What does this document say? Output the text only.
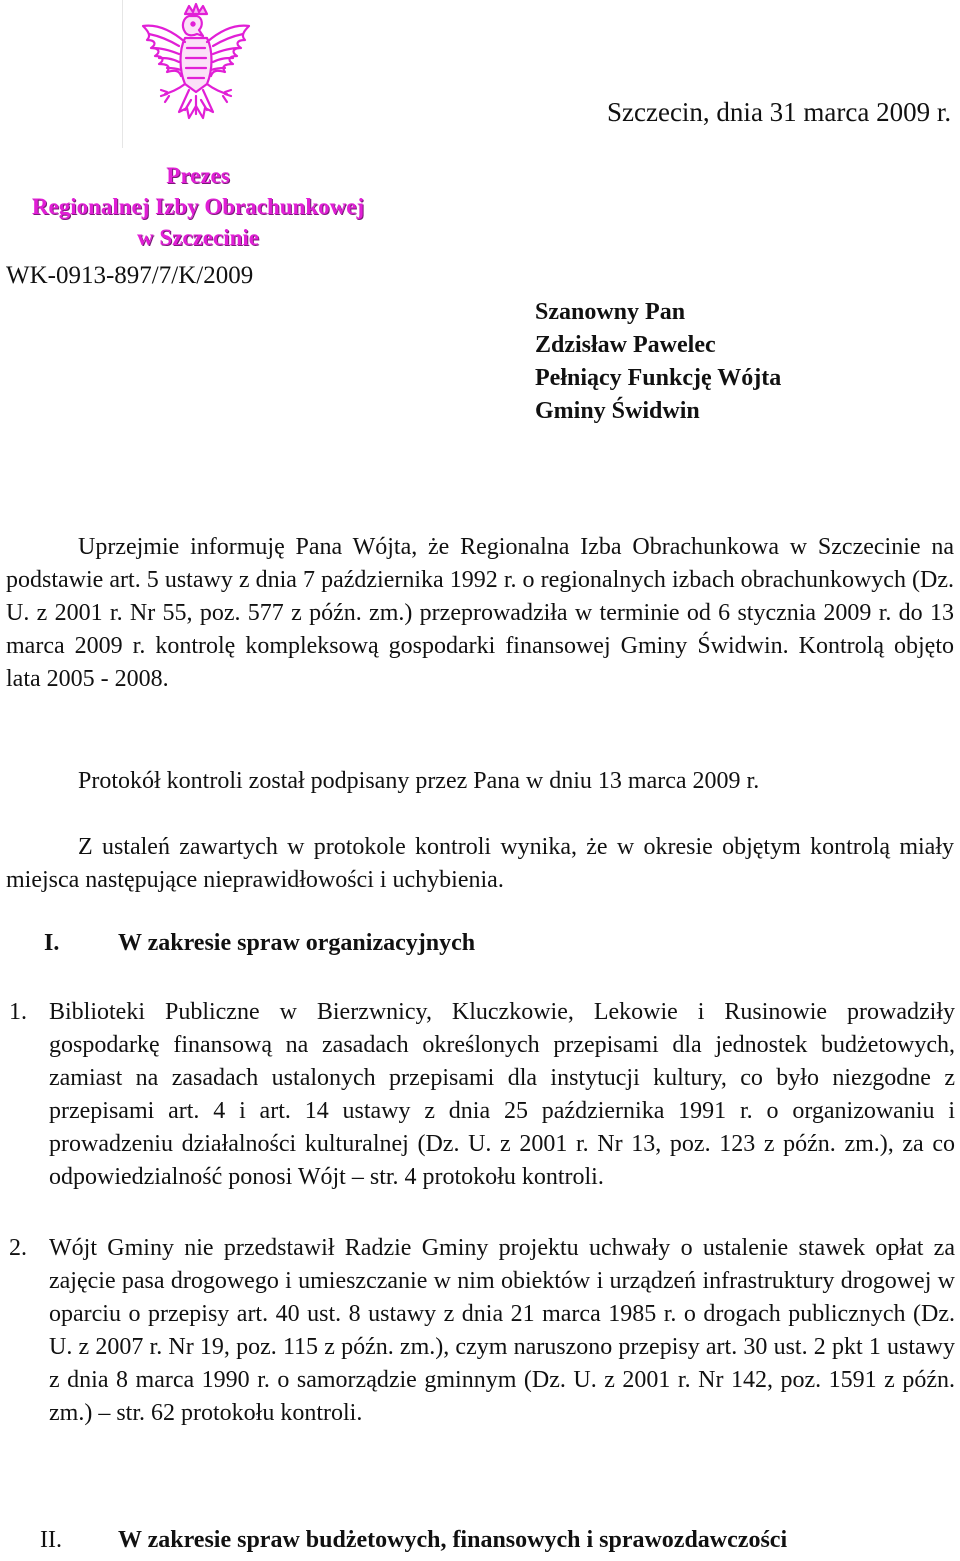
Szczecin, dnia 31 marca 2009 r.
Prezes
Regionalnej Izby Obrachunkowej
w Szczecinie
WK-0913-897/7/K/2009
Szanowny Pan
Zdzisław Pawelec
Pełniący Funkcję Wójta
Gminy Świdwin
Uprzejmie informuję Pana Wójta, że Regionalna Izba Obrachunkowa w Szczecinie na podstawie art. 5 ustawy z dnia 7 października 1992 r. o regionalnych izbach obrachunkowych (Dz. U. z 2001 r. Nr 55, poz. 577 z późn. zm.) przeprowadziła w terminie od 6 stycznia 2009 r. do 13 marca 2009 r. kontrolę kompleksową gospodarki finansowej Gminy Świdwin. Kontrolą objęto lata 2005 - 2008.
Protokół kontroli został podpisany przez Pana w dniu 13 marca 2009 r.
Z ustaleń zawartych w protokole kontroli wynika, że w okresie objętym kontrolą miały miejsca następujące nieprawidłowości i uchybienia.
I. W zakresie spraw organizacyjnych
1. Biblioteki Publiczne w Bierzwnicy, Kluczkowie, Lekowie i Rusinowie prowadziły gospodarkę finansową na zasadach określonych przepisami dla jednostek budżetowych, zamiast na zasadach ustalonych przepisami dla instytucji kultury, co było niezgodne z przepisami art. 4 i art. 14 ustawy z dnia 25 października 1991 r. o organizowaniu i prowadzeniu działalności kulturalnej (Dz. U. z 2001 r. Nr 13, poz. 123 z późn. zm.), za co odpowiedzialność ponosi Wójt – str. 4 protokołu kontroli.
2. Wójt Gminy nie przedstawił Radzie Gminy projektu uchwały o ustalenie stawek opłat za zajęcie pasa drogowego i umieszczanie w nim obiektów i urządzeń infrastruktury drogowej w oparciu o przepisy art. 40 ust. 8 ustawy z dnia 21 marca 1985 r. o drogach publicznych (Dz. U. z 2007 r. Nr 19, poz. 115 z późn. zm.), czym naruszono przepisy art. 30 ust. 2 pkt 1 ustawy z dnia 8 marca 1990 r. o samorządzie gminnym (Dz. U. z 2001 r. Nr 142, poz. 1591 z późn. zm.) – str. 62 protokołu kontroli.
II. W zakresie spraw budżetowych, finansowych i sprawozdawczości
